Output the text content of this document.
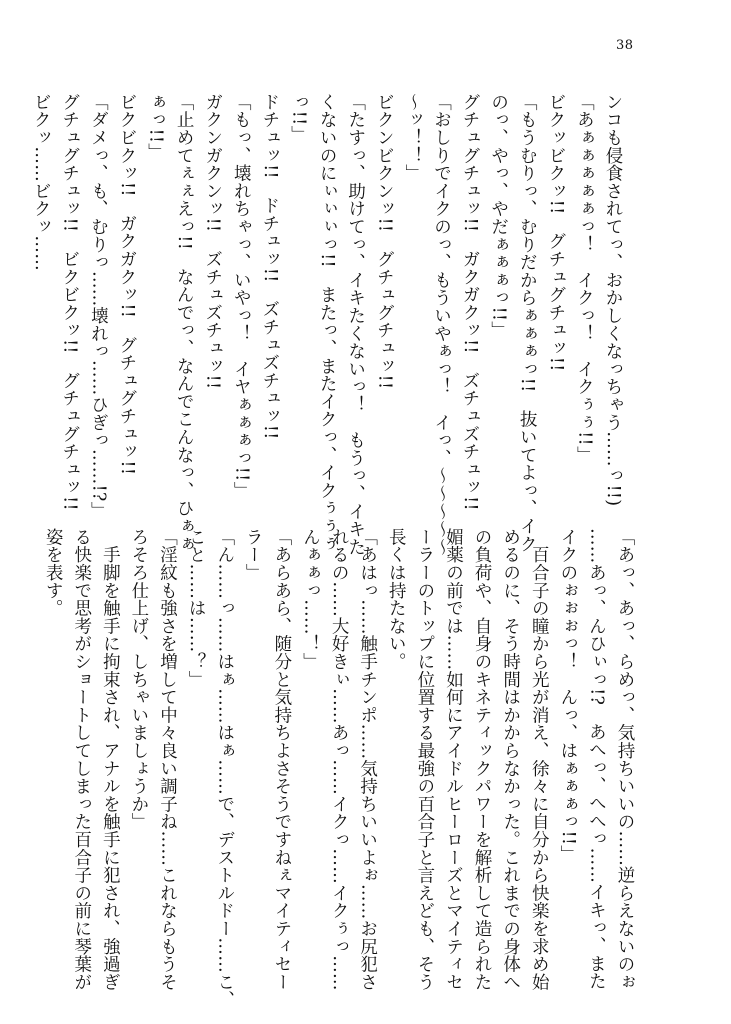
38
ンコも侵食されてっ、おかしくなっちゃう……っ!!)
「あぁぁぁぁぁっ！　イクっ！　イクぅぅ!!」
ビクッビクッ!!　グチュグチュッ!!
「もうむりっ、むりだからぁぁぁっ!!　抜いてよっ、イク
のっ、やっ、やだぁぁぁっ!!」
グチュグチュッ!!　ガクガクッ!!　ズチュズチュッ!!
「おしりでイクのっ、もういやぁっ！　イっ、～～～～～
～ッ！！」
ビクンビクンッ!!　グチュグチュッ!!
「たすっ、助けてっ、イキたくないっ！　もうっ、イキた
くないのにぃぃぃっ!!　またっ、またイクっ、イクぅぅぅ
っ!!」
ドチュッ!!　ドチュッ!!　ズチュズチュッ!!
「もっ、壊れちゃっ、いやっ！　イヤぁぁぁっ!!」
ガクンガクンッ!!　ズチュズチュッ!!
「止めてぇぇえっ!!　なんでっ、なんでこんなっ、ひぁぁ
ぁっ!!」
ビクビクッ!!　ガクガクッ!!　グチュグチュッ!!
「ダメっ、も、むりっ……壊れっ……ひぎっ……!?」
グチュグチュッ!!　ビクビクッ!!　グチュグチュッ!!
ビクッ……ビクッ……
「あっ、あっ、らめっ、気持ちいいの……逆らえないのぉ
……あっ、んひぃっ!?　あへっ、へへっ……イキっ、また
イクのぉぉぉっ！　んっ、はぁぁぁっ!!」
　百合子の瞳から光が消え、徐々に自分から快楽を求め始
めるのに、そう時間はかからなかった。これまでの身体へ
の負荷や、自身のキネティックパワーを解析して造られた
媚薬の前では……如何にアイドルヒーローズとマイティセ
ーラーのトップに位置する最強の百合子と言えども、そう
長くは持たない。
「あはっ……触手チンポ……気持ちいいよぉ……お尻犯さ
れるの……大好きぃ……あっ……イクっ……イクぅっ……
んぁぁっ……！」
「あらあら、随分と気持ちよさそうですねぇマイティセー
ラー」
「ん……っ……はぁ……はぁ……で、デストルドー……こ、
こと……は……？」
「淫紋も強さを増して中々良い調子ね……これならもうそ
ろそろ仕上げ、しちゃいましょうか」
　手脚を触手に拘束され、アナルを触手に犯され、強過ぎ
る快楽で思考がショートしてしまった百合子の前に琴葉が
姿を表す。
